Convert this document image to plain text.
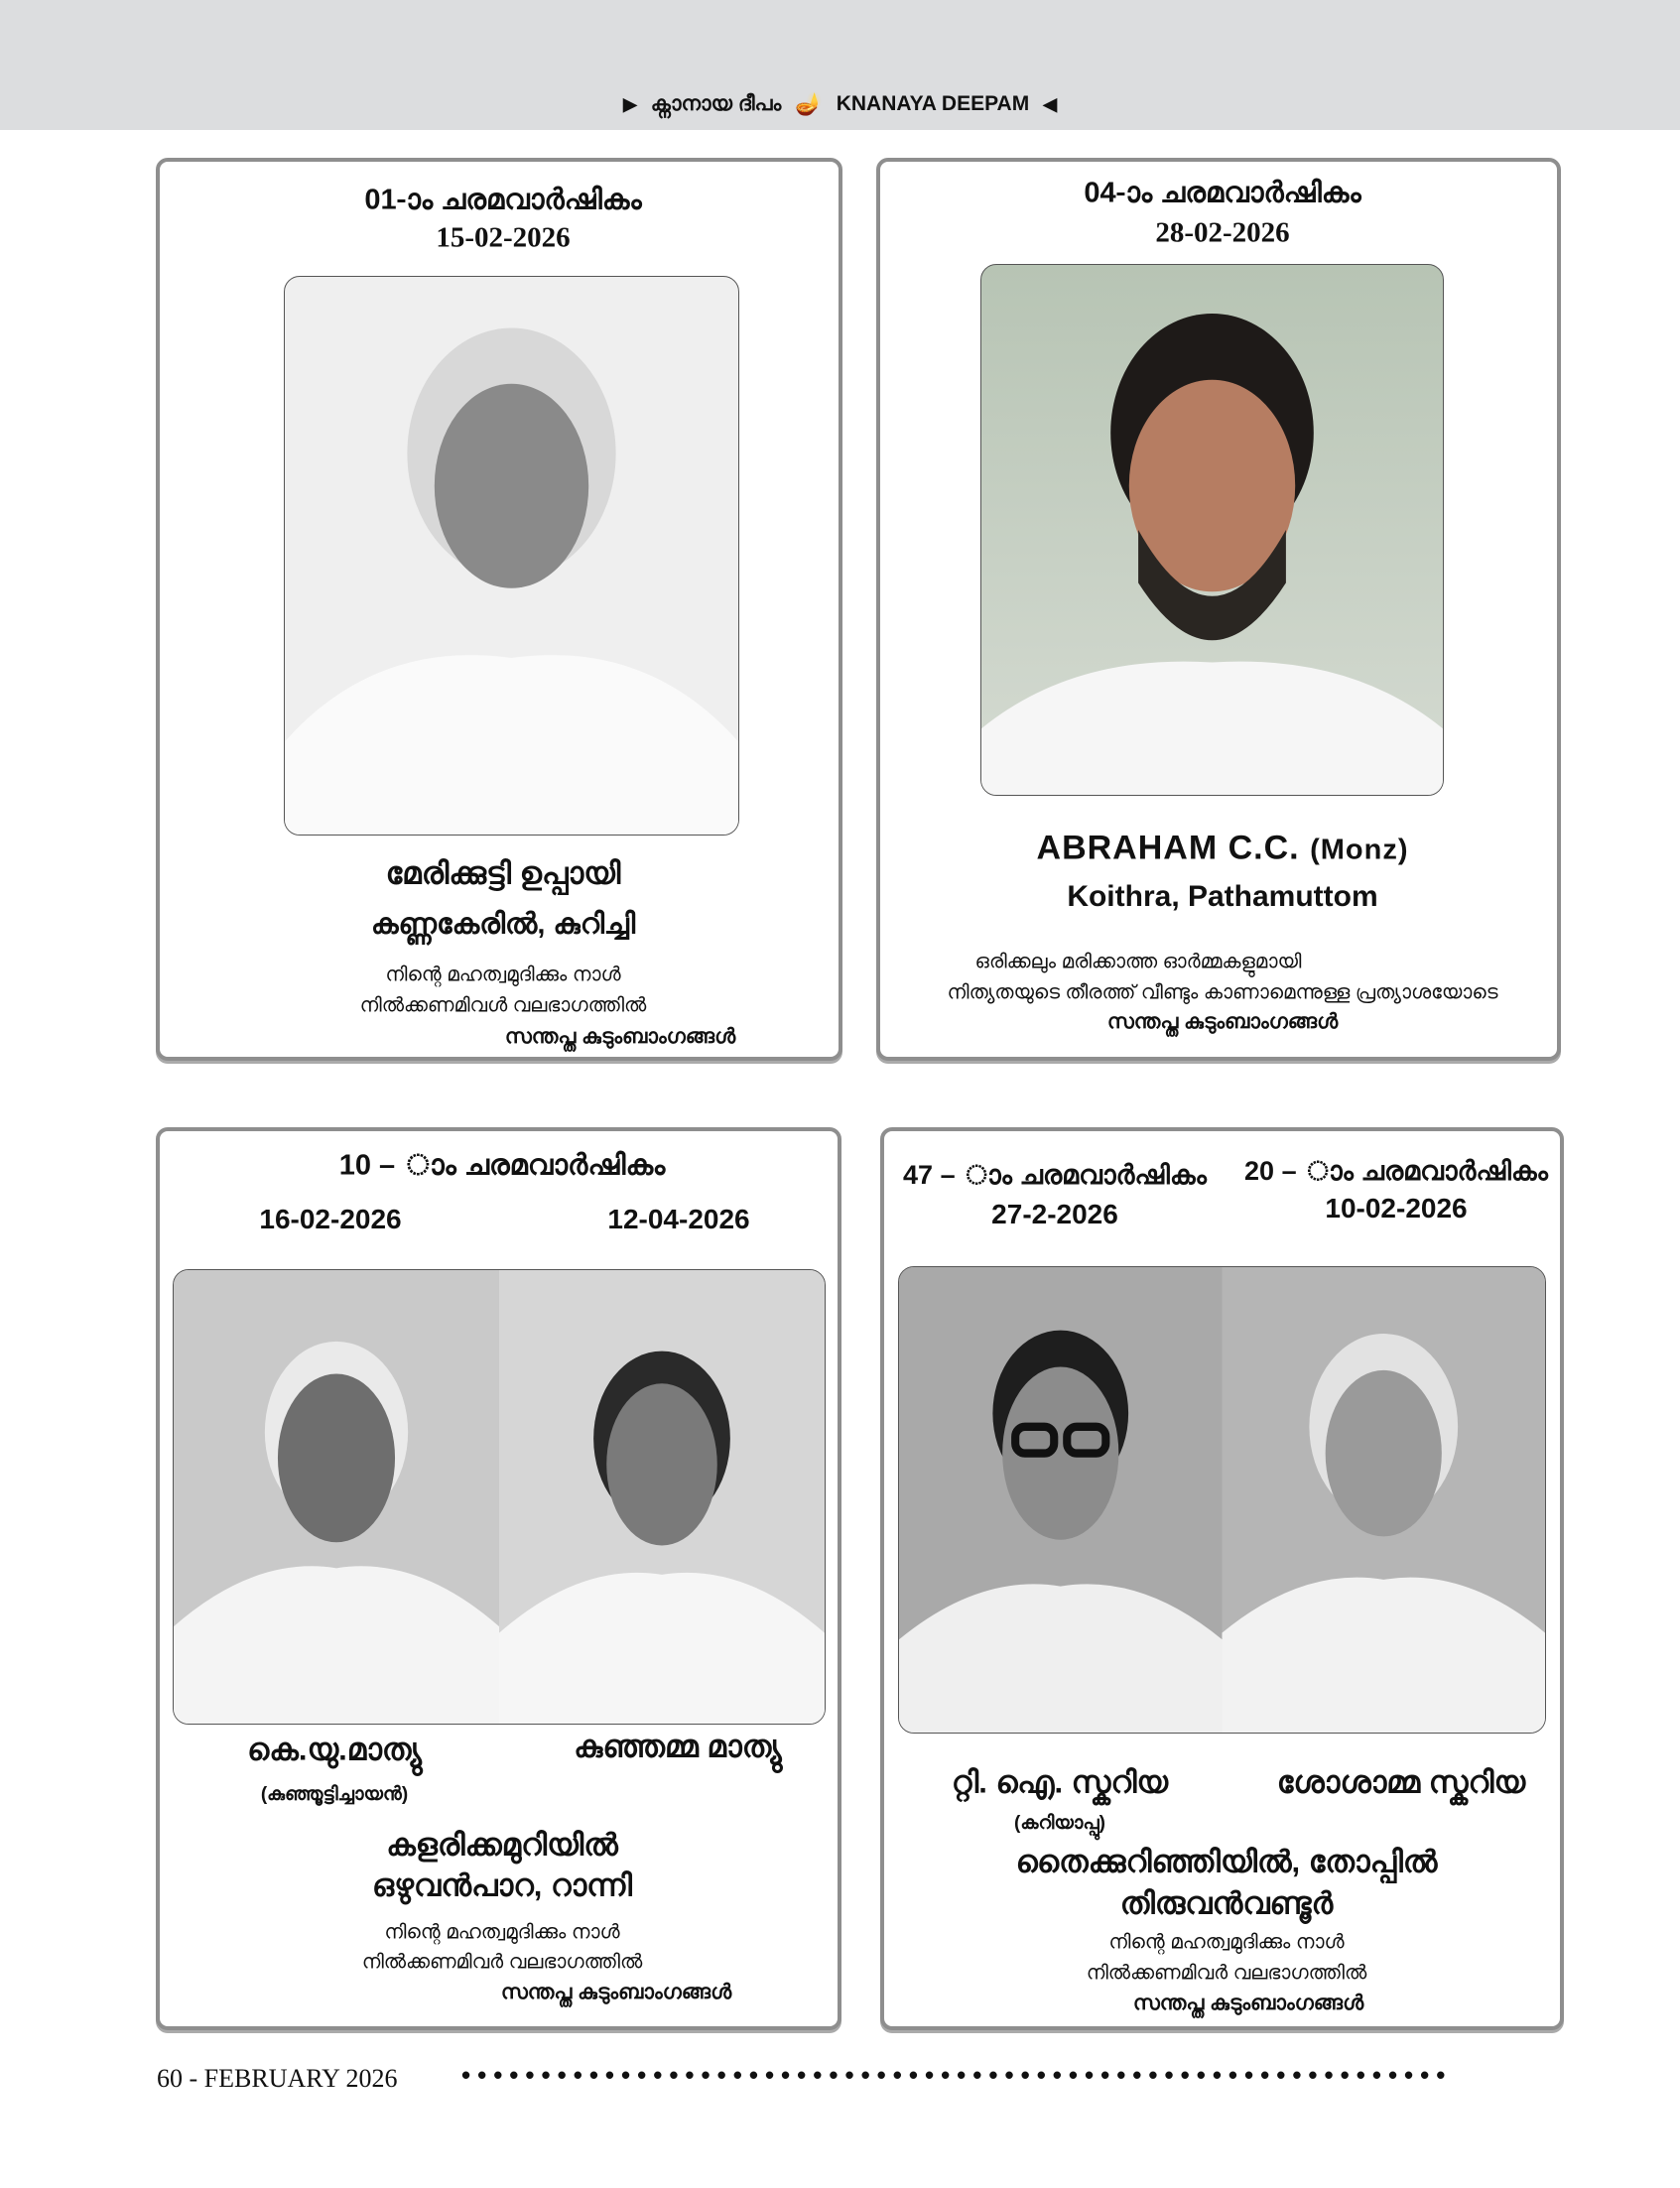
▶ ക്നാനായ ദീപം 🪔 KNANAYA DEEPAM ◀
01-ാം ചരമവാർഷികം
15-02-2026
മേരിക്കുട്ടി ഉപ്പായി
കണ്ണകേരിൽ, കുറിച്ചി
നിന്റെ മഹത്വമുദിക്കും നാൾ
നിൽക്കണമിവൾ വലഭാഗത്തിൽ
സന്തപ്ത കുടുംബാംഗങ്ങൾ
04-ാം ചരമവാർഷികം
28-02-2026
ABRAHAM C.C. (Monz)
Koithra, Pathamuttom
ഒരിക്കലും മരിക്കാത്ത ഓർമ്മകളുമായി
നിത്യതയുടെ തീരത്ത് വീണ്ടും കാണാമെന്നുള്ള പ്രത്യാശയോടെ
സന്തപ്ത കുടുംബാംഗങ്ങൾ
10 – ാം ചരമവാർഷികം
16-02-2026	12-04-2026
കെ.യു.മാത്യു	കുഞ്ഞമ്മ മാത്യു
(കുഞ്ഞൂട്ടിച്ചായൻ)
കളരിക്കമുറിയിൽ
ഒഴുവൻപാറ, റാന്നി
നിന്റെ മഹത്വമുദിക്കും നാൾ
നിൽക്കണമിവർ വലഭാഗത്തിൽ
സന്തപ്ത കുടുംബാംഗങ്ങൾ
47 – ാം ചരമവാർഷികം 20 – ാം ചരമവാർഷികം
27-2-2026	10-02-2026
റ്റി. ഐ. സ്കറിയ	ശോശാമ്മ സ്കറിയ
(കറിയാപ്പു)
തൈക്കുറിഞ്ഞിയിൽ, തോപ്പിൽ
തിരുവൻവണ്ടൂർ
നിന്റെ മഹത്വമുദിക്കും നാൾ
നിൽക്കണമിവർ വലഭാഗത്തിൽ
സന്തപ്ത കുടുംബാംഗങ്ങൾ
60 - FEBRUARY 2026 ••••••••••••••••••••••••••••••••••••••••••••••••••••••••••••••
